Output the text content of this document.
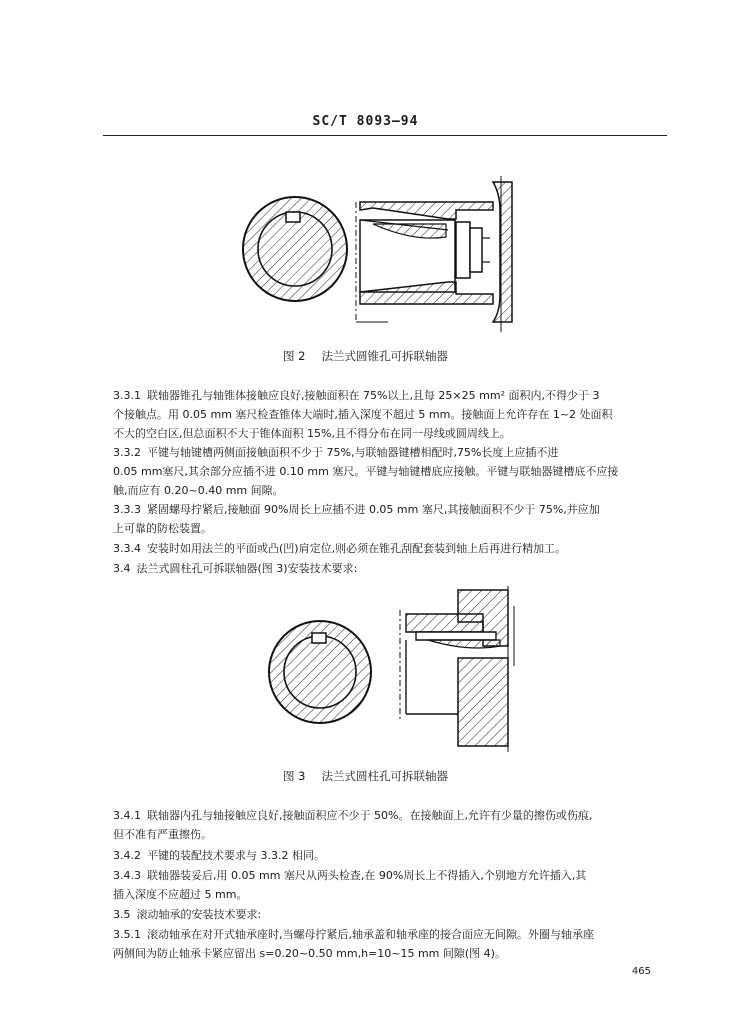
SC/T 8093—94
图 2 法兰式圆锥孔可拆联轴器
3.3.1 联轴器锥孔与轴锥体接触应良好,接触面积在 75%以上,且每 25×25 mm² 面积内,不得少于 3
个接触点。用 0.05 mm 塞尺检查锥体大端时,插入深度不超过 5 mm。接触面上允许存在 1~2 处面积
不大的空白区,但总面积不大于锥体面积 15%,且不得分布在同一母线或圆周线上。
3.3.2 平键与轴键槽两侧面接触面积不少于 75%,与联轴器键槽相配时,75%长度上应插不进
0.05 mm塞尺,其余部分应插不进 0.10 mm 塞尺。平键与轴键槽底应接触。平键与联轴器键槽底不应接
触,而应有 0.20~0.40 mm 间隙。
3.3.3 紧固螺母拧紧后,接触面 90%周长上应插不进 0.05 mm 塞尺,其接触面积不少于 75%,并应加
上可靠的防松装置。
3.3.4 安装时如用法兰的平面或凸(凹)肩定位,则必须在锥孔刮配套装到轴上后再进行精加工。
3.4 法兰式圆柱孔可拆联轴器(图 3)安装技术要求:
图 3 法兰式圆柱孔可拆联轴器
3.4.1 联轴器内孔与轴接触应良好,接触面积应不少于 50%。在接触面上,允许有少量的擦伤或伤痕,
但不准有严重擦伤。
3.4.2 平键的装配技术要求与 3.3.2 相同。
3.4.3 联轴器装妥后,用 0.05 mm 塞尺从两头检查,在 90%周长上不得插入,个别地方允许插入,其
插入深度不应超过 5 mm。
3.5 滚动轴承的安装技术要求:
3.5.1 滚动轴承在对开式轴承座时,当螺母拧紧后,轴承盖和轴承座的接合面应无间隙。外圈与轴承座
两侧间为防止轴承卡紧应留出 s=0.20~0.50 mm,h=10~15 mm 间隙(图 4)。
465
